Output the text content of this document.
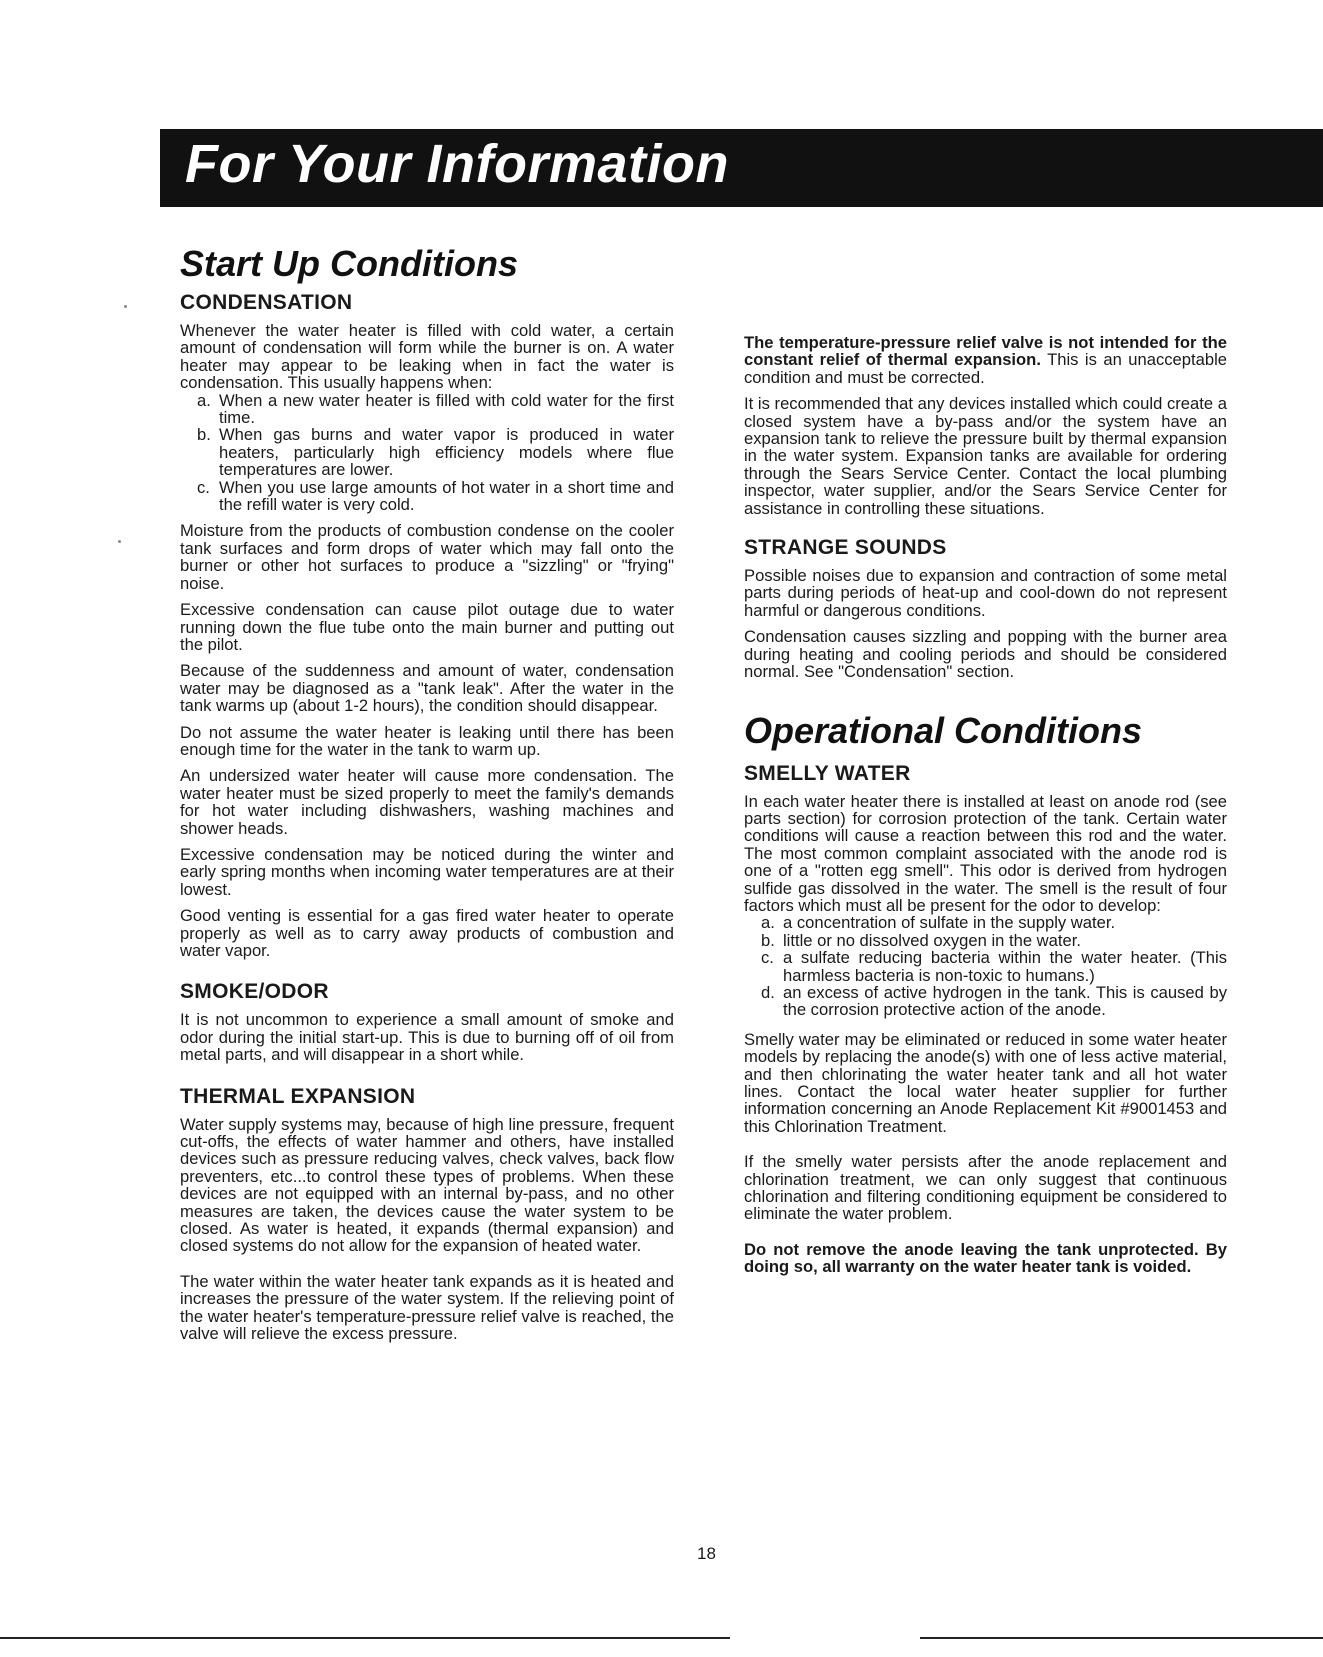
For Your Information
Start Up Conditions
CONDENSATION

Whenever the water heater is filled with cold water, a certain amount of condensation will form while the burner is on. A water heater may appear to be leaking when in fact the water is condensation. This usually happens when:

a. When a new water heater is filled with cold water for the first time.
b. When gas burns and water vapor is produced in water heaters, particularly high efficiency models where flue temperatures are lower.
c. When you use large amounts of hot water in a short time and the refill water is very cold.

Moisture from the products of combustion condense on the cooler tank surfaces and form drops of water which may fall onto the burner or other hot surfaces to produce a "sizzling" or "frying" noise.

Excessive condensation can cause pilot outage due to water running down the flue tube onto the main burner and putting out the pilot.

Because of the suddenness and amount of water, condensation water may be diagnosed as a "tank leak". After the water in the tank warms up (about 1-2 hours), the condition should disappear.

Do not assume the water heater is leaking until there has been enough time for the water in the tank to warm up.

An undersized water heater will cause more condensation. The water heater must be sized properly to meet the family's demands for hot water including dishwashers, washing machines and shower heads.

Excessive condensation may be noticed during the winter and early spring months when incoming water temperatures are at their lowest.

Good venting is essential for a gas fired water heater to operate properly as well as to carry away products of combustion and water vapor.

SMOKE/ODOR

It is not uncommon to experience a small amount of smoke and odor during the initial start-up. This is due to burning off of oil from metal parts, and will disappear in a short while.

THERMAL EXPANSION

Water supply systems may, because of high line pressure, frequent cut-offs, the effects of water hammer and others, have installed devices such as pressure reducing valves, check valves, back flow preventers, etc...to control these types of problems. When these devices are not equipped with an internal by-pass, and no other measures are taken, the devices cause the water system to be closed. As water is heated, it expands (thermal expansion) and closed systems do not allow for the expansion of heated water.

The water within the water heater tank expands as it is heated and increases the pressure of the water system. If the relieving point of the water heater's temperature-pressure relief valve is reached, the valve will relieve the excess pressure.

The temperature-pressure relief valve is not intended for the constant relief of thermal expansion. This is an unacceptable condition and must be corrected.

It is recommended that any devices installed which could create a closed system have a by-pass and/or the system have an expansion tank to relieve the pressure built by thermal expansion in the water system. Expansion tanks are available for ordering through the Sears Service Center. Contact the local plumbing inspector, water supplier, and/or the Sears Service Center for assistance in controlling these situations.

STRANGE SOUNDS

Possible noises due to expansion and contraction of some metal parts during periods of heat-up and cool-down do not represent harmful or dangerous conditions.

Condensation causes sizzling and popping with the burner area during heating and cooling periods and should be considered normal. See "Condensation" section.

Operational Conditions
SMELLY WATER

In each water heater there is installed at least on anode rod (see parts section) for corrosion protection of the tank. Certain water conditions will cause a reaction between this rod and the water. The most common complaint associated with the anode rod is one of a "rotten egg smell". This odor is derived from hydrogen sulfide gas dissolved in the water. The smell is the result of four factors which must all be present for the odor to develop:

a. a concentration of sulfate in the supply water.
b. little or no dissolved oxygen in the water.
c. a sulfate reducing bacteria within the water heater. (This harmless bacteria is non-toxic to humans.)
d. an excess of active hydrogen in the tank. This is caused by the corrosion protective action of the anode.

Smelly water may be eliminated or reduced in some water heater models by replacing the anode(s) with one of less active material, and then chlorinating the water heater tank and all hot water lines. Contact the local water heater supplier for further information concerning an Anode Replacement Kit #9001453 and this Chlorination Treatment.

If the smelly water persists after the anode replacement and chlorination treatment, we can only suggest that continuous chlorination and filtering conditioning equipment be considered to eliminate the water problem.

Do not remove the anode leaving the tank unprotected. By doing so, all warranty on the water heater tank is voided.

18
